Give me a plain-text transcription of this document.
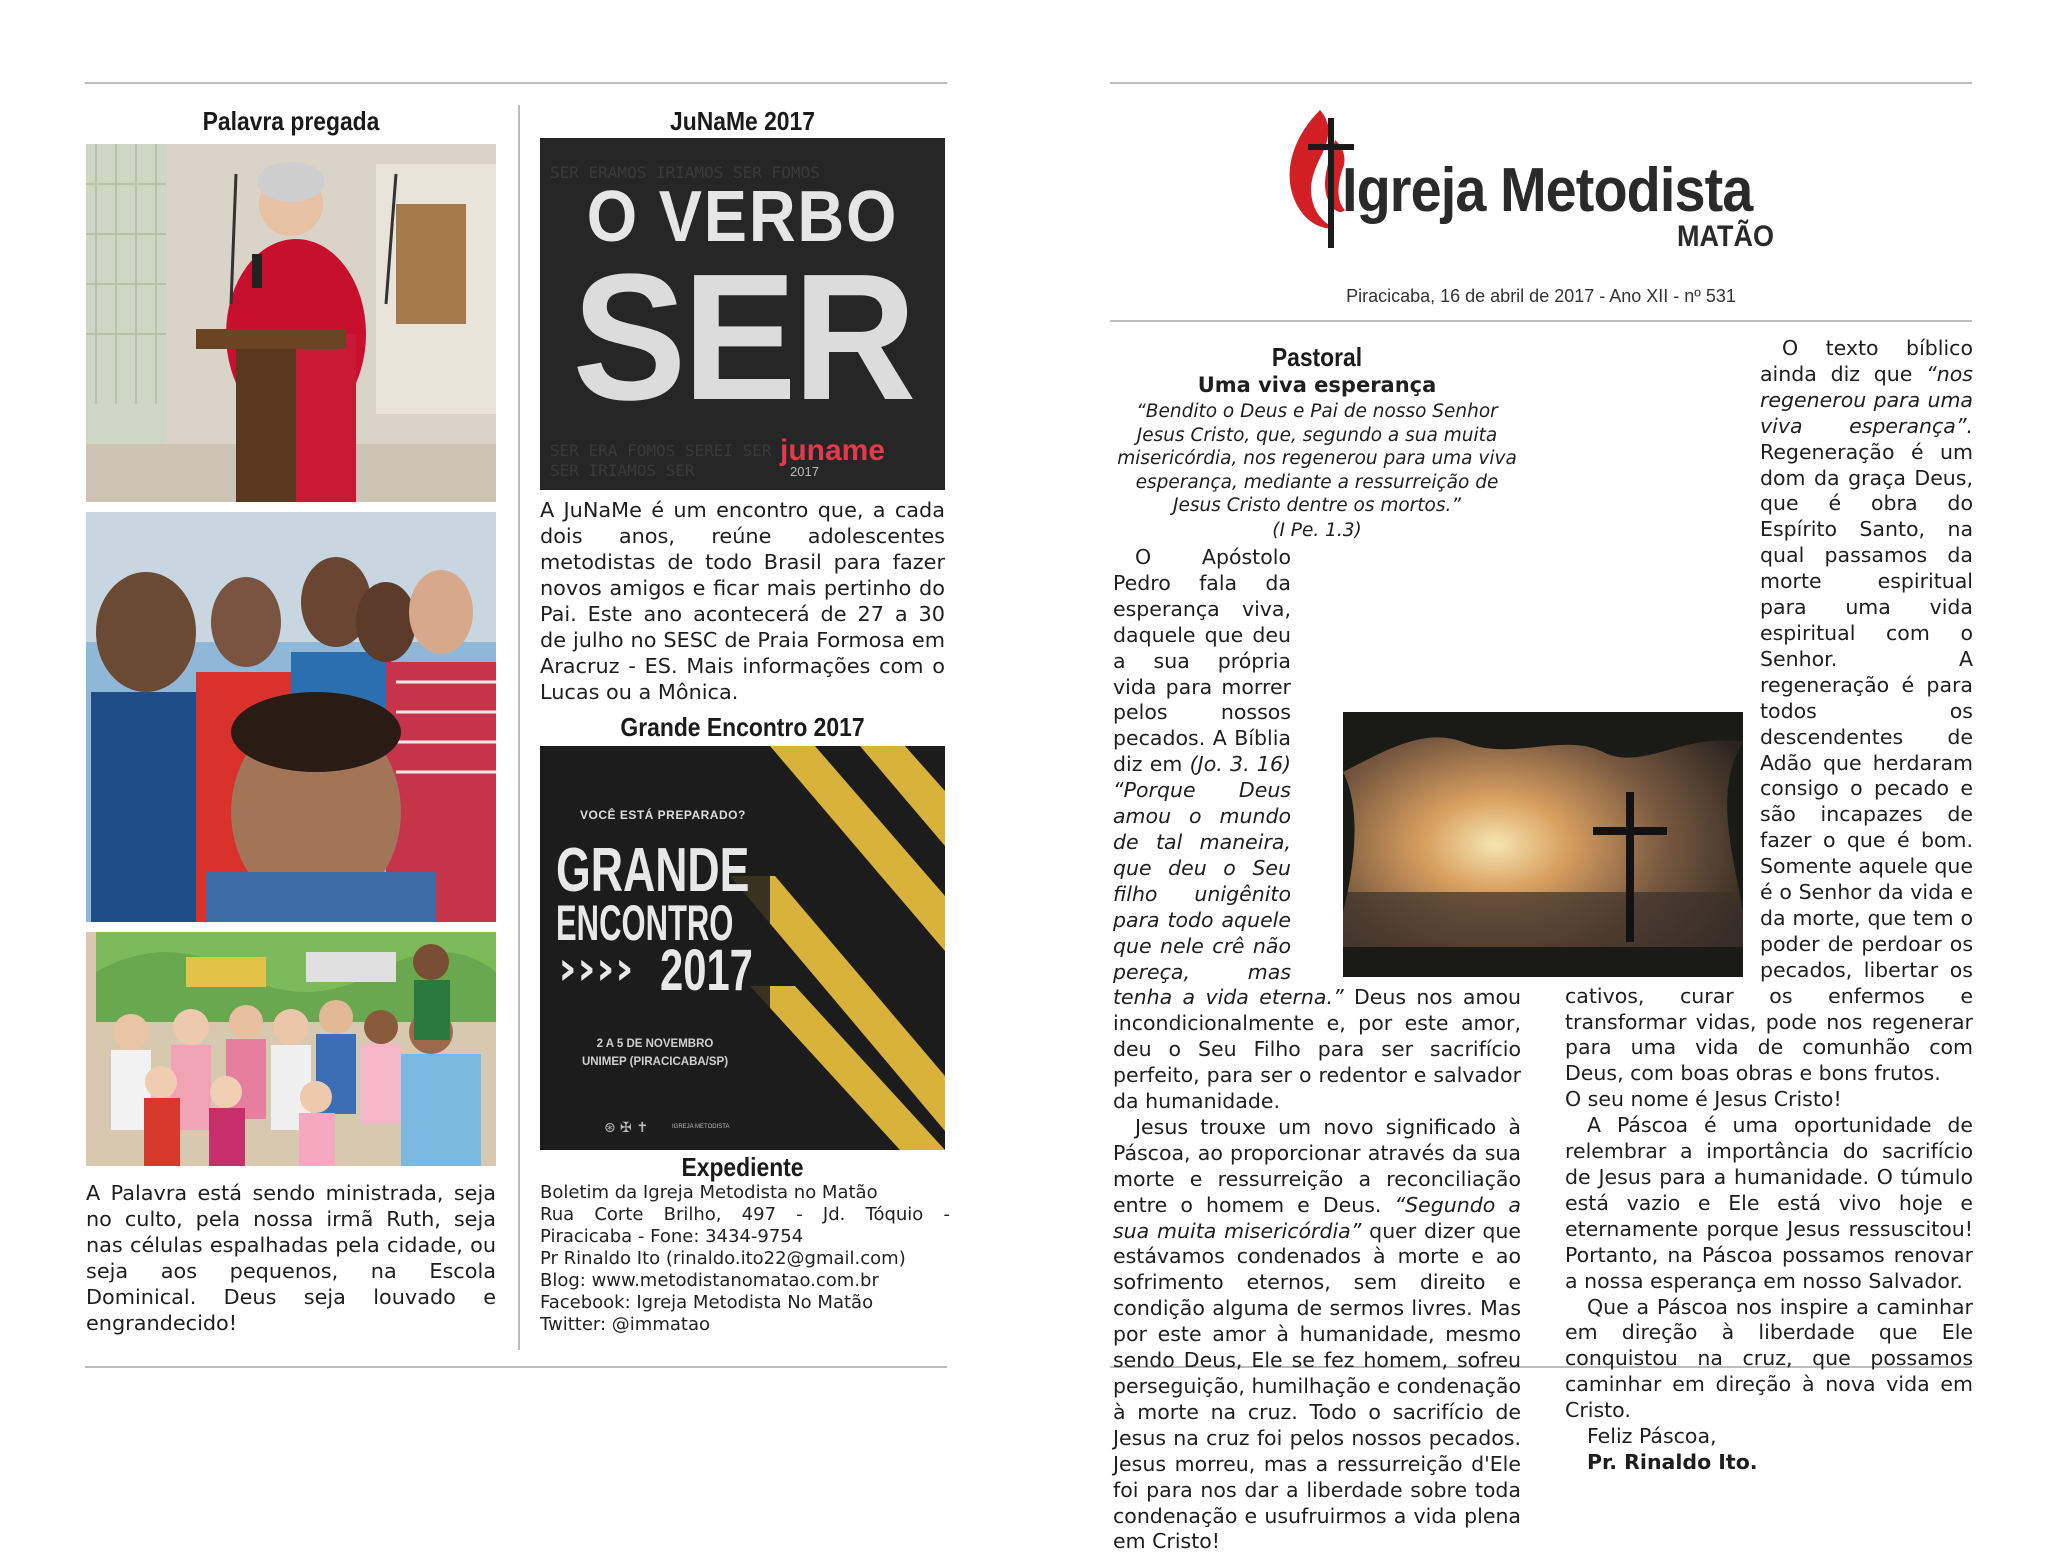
Palavra pregada
A Palavra está sendo ministrada, seja no culto, pela nossa irmã Ruth, seja nas células espalhadas pela cidade, ou seja aos pequenos, na Escola Dominical. Deus seja louvado e engrandecido!
JuNaMe 2017
SER ERAMOS IRIAMOS SER FOMOS
SER ERA FOMOS SEREI SER
SER IRIAMOS SER
O VERBO
SER
juname
2017
A JuNaMe é um encontro que, a cada dois anos, reúne adolescentes metodistas de todo Brasil para fazer novos amigos e ficar mais pertinho do Pai. Este ano acontecerá de 27 a 30 de julho no SESC de Praia Formosa em Aracruz - ES. Mais informações com o Lucas ou a Mônica.
Grande Encontro 2017
VOCÊ ESTÁ PREPARADO?
GRANDE
ENCONTRO
›››› 2017
2 A 5 DE NOVEMBRO
UNIMEP (PIRACICABA/SP)
⊛ ✠ ✝	IGREJA METODISTA
Expediente
Boletim da Igreja Metodista no Matão
Rua Corte Brilho, 497 - Jd. Tóquio -
Piracicaba - Fone: 3434-9754
Pr Rinaldo Ito (rinaldo.ito22@gmail.com)
Blog: www.metodistanomatao.com.br
Facebook: Igreja Metodista No Matão
Twitter: @immatao
Igreja Metodista
MATÃO
Piracicaba, 16 de abril de 2017 - Ano XII - nº 531
Pastoral
Uma viva esperança
“Bendito o Deus e Pai de nosso Senhor Jesus Cristo, que, segundo a sua muita misericórdia, nos regenerou para uma viva esperança, mediante a ressurreição de Jesus Cristo dentre os mortos.”
(I Pe. 1.3)

O Apóstolo Pedro fala da esperança viva, daquele que deu a sua própria vida para morrer pelos nossos pecados. A Bíblia diz em (Jo. 3. 16) “Porque Deus amou o mundo de tal maneira, que deu o Seu filho unigênito para todo aquele que nele crê não pereça, mas tenha a vida eterna.” Deus nos amou incondicionalmente e, por este amor, deu o Seu Filho para ser sacrifício perfeito, para ser o redentor e salvador da humanidade.

Jesus trouxe um novo significado à Páscoa, ao proporcionar através da sua morte e ressurreição a reconciliação entre o homem e Deus. “Segundo a sua muita misericórdia” quer dizer que estávamos condenados à morte e ao sofrimento eternos, sem direito e condição alguma de sermos livres. Mas por este amor à humanidade, mesmo sendo Deus, Ele se fez homem, sofreu perseguição, humilhação e condenação à morte na cruz. Todo o sacrifício de Jesus na cruz foi pelos nossos pecados. Jesus morreu, mas a ressurreição d'Ele foi para nos dar a liberdade sobre toda condenação e usufruirmos a vida plena em Cristo!

O texto bíblico ainda diz que “nos regenerou para uma viva esperança”. Regeneração é um dom da graça Deus, que é obra do Espírito Santo, na qual passamos da morte espiritual para uma vida espiritual com o Senhor. A regeneração é para todos os descendentes de Adão que herdaram consigo o pecado e são incapazes de fazer o que é bom. Somente aquele que é o Senhor da vida e da morte, que tem o poder de perdoar os pecados, libertar os cativos, curar os enfermos e transformar vidas, pode nos regenerar para uma vida de comunhão com Deus, com boas obras e bons frutos.

O seu nome é Jesus Cristo!

A Páscoa é uma oportunidade de relembrar a importância do sacrifício de Jesus para a humanidade. O túmulo está vazio e Ele está vivo hoje e eternamente porque Jesus ressuscitou! Portanto, na Páscoa possamos renovar a nossa esperança em nosso Salvador.

Que a Páscoa nos inspire a caminhar em direção à liberdade que Ele conquistou na cruz, que possamos caminhar em direção à nova vida em Cristo.

Feliz Páscoa,

Pr. Rinaldo Ito.
